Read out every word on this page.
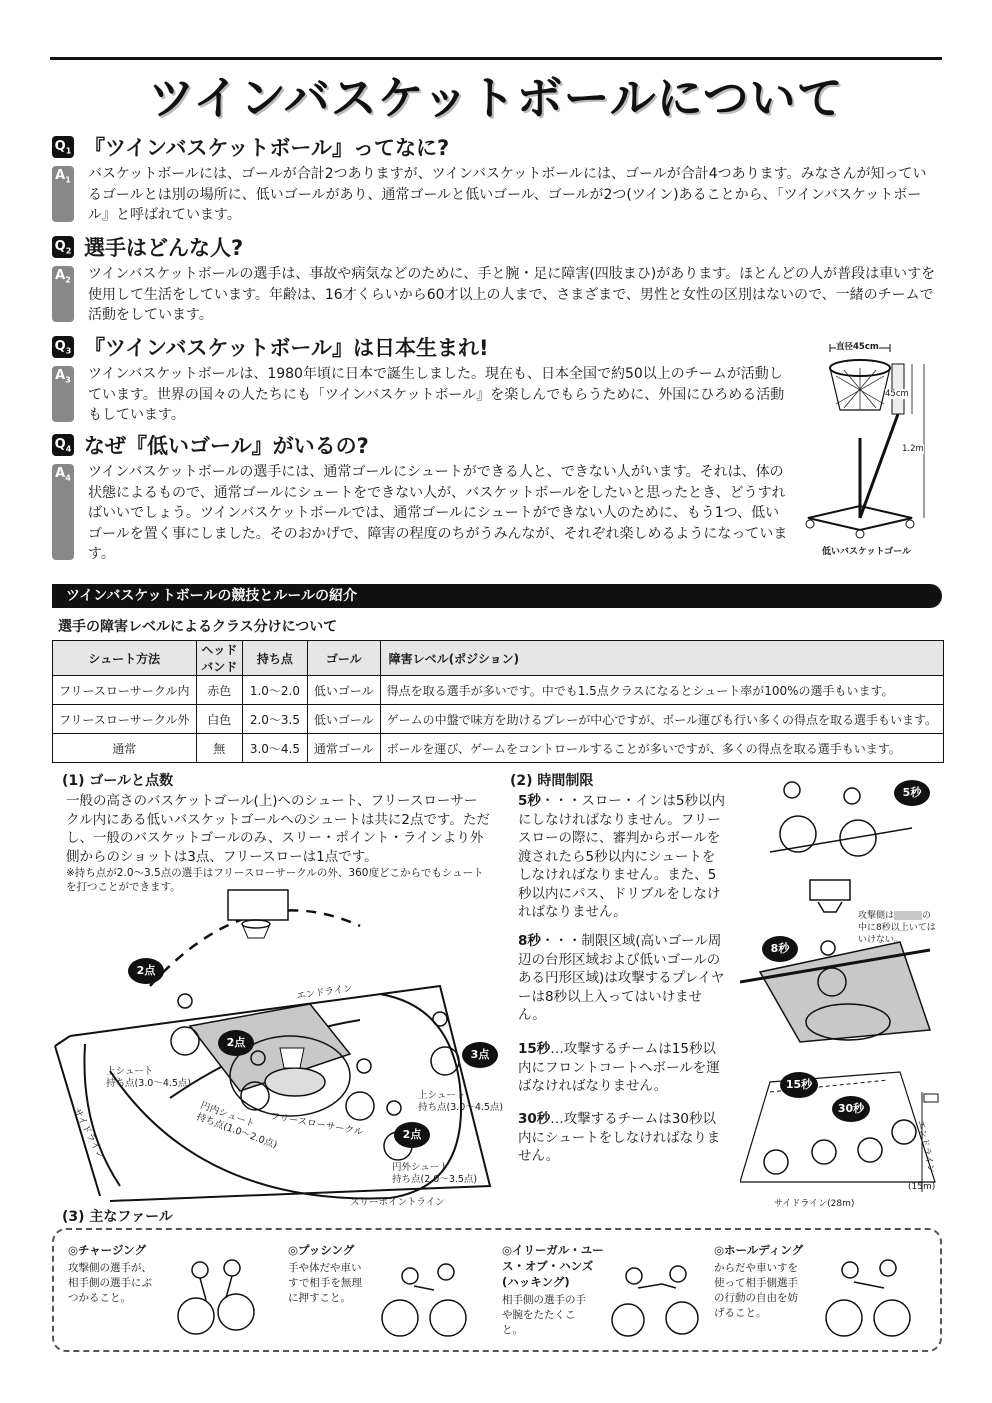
ツインバスケットボールについて
$Q_1$ 『ツインバスケットボール』ってなに?
$A_1$ バスケットボールには、ゴールが合計2つありますが、ツインバスケットボールには、ゴールが合計4つあります。みなさんが知っているゴールとは別の場所に、低いゴールがあり、通常ゴールと低いゴール、ゴールが2つ(ツイン)あることから、「ツインバスケットボール』と呼ばれています。
$Q_2$ 選手はどんな人?
$A_2$ ツインバスケットボールの選手は、事故や病気などのために、手と腕・足に障害(四肢まひ)があります。ほとんどの人が普段は車いすを使用して生活をしています。年齢は、16才くらいから60才以上の人まで、さまざまで、男性と女性の区別はないので、一緒のチームで活動をしています。
$Q_3$ 『ツインバスケットボール』は日本生まれ!
$A_3$ ツインバスケットボールは、1980年頃に日本で誕生しました。現在も、日本全国で約50以上のチームが活動しています。世界の国々の人たちにも「ツインバスケットボール』を楽しんでもらうために、外国にひろめる活動もしています。
$Q_4$ なぜ『低いゴール』がいるの?
$A_4$ ツインバスケットボールの選手には、通常ゴールにシュートができる人と、できない人がいます。それは、体の状態によるもので、通常ゴールにシュートをできない人が、バスケットボールをしたいと思ったとき、どうすればいいでしょう。ツインバスケットボールでは、通常ゴールにシュートができない人のために、もう1つ、低いゴールを置く事にしました。そのおかげで、障害の程度のちがうみんなが、それぞれ楽しめるようになっています。
直径45cm
45cm
1.2m
低いバスケットゴール
ツインバスケットボールの競技とルールの紹介
選手の障害レベルによるクラス分けについて
シュート方法	ヘッドバンド	持ち点	ゴール	障害レベル(ポジション)
フリースローサークル内	赤色	1.0〜2.0	低いゴール	得点を取る選手が多いです。中でも1.5点クラスになるとシュート率が100%の選手もいます。
フリースローサークル外	白色	2.0〜3.5	低いゴール	ゲームの中盤で味方を助けるプレーが中心ですが、ボール運びも行い多くの得点を取る選手もいます。
通常	無	3.0〜4.5	通常ゴール	ボールを運び、ゲームをコントロールすることが多いですが、多くの得点を取る選手もいます。
(1) ゴールと点数
一般の高さのバスケットゴール(上)へのシュート、フリースローサークル内にある低いバスケットゴールへのシュートは共に2点です。ただし、一般のバスケットゴールのみ、スリー・ポイント・ラインより外側からのショットは3点、フリースローは1点です。
※持ち点が2.0〜3.5点の選手はフリースローサークルの外、360度どこからでもシュートを打つことができます。
2点
2点
3点
2点
エンドライン
サイドライン
上シュート
持ち点(3.0〜4.5点)
上シュート
持ち点(3.0〜4.5点)
円内シュート
持ち点(1.0〜2.0点)
フリースローサークル
円外シュート
持ち点(2.0〜3.5点)
スリーポイントライン
(2) 時間制限
5秒・・・スロー・インは5秒以内にしなければなりません。フリースローの際に、審判からボールを渡されたら5秒以内にシュートをしなければなりません。また、5秒以内にパス、ドリブルをしなければなりません。
8秒・・・制限区域(高いゴール周辺の台形区域および低いゴールのある円形区域)は攻撃するプレイヤーは8秒以上入ってはいけません。
15秒…攻撃するチームは15秒以内にフロントコートへボールを運ばなければなりません。
30秒…攻撃するチームは30秒以内にシュートをしなければなりません。
5秒
8秒
15秒
30秒
攻撃側は	の
中に8秒以上いては
いけない。
エンドライン
(15m)
サイドライン(28m)
(3) 主なファール
◎チャージング
攻撃側の選手が、相手側の選手にぶつかること。
◎プッシング
手や体だや車いすで相手を無理に押すこと。
◎イリーガル・ユース・オブ・ハンズ(ハッキング)
相手側の選手の手や腕をたたくこと。
◎ホールディング
からだや車いすを使って相手側選手の行動の自由を妨げること。
